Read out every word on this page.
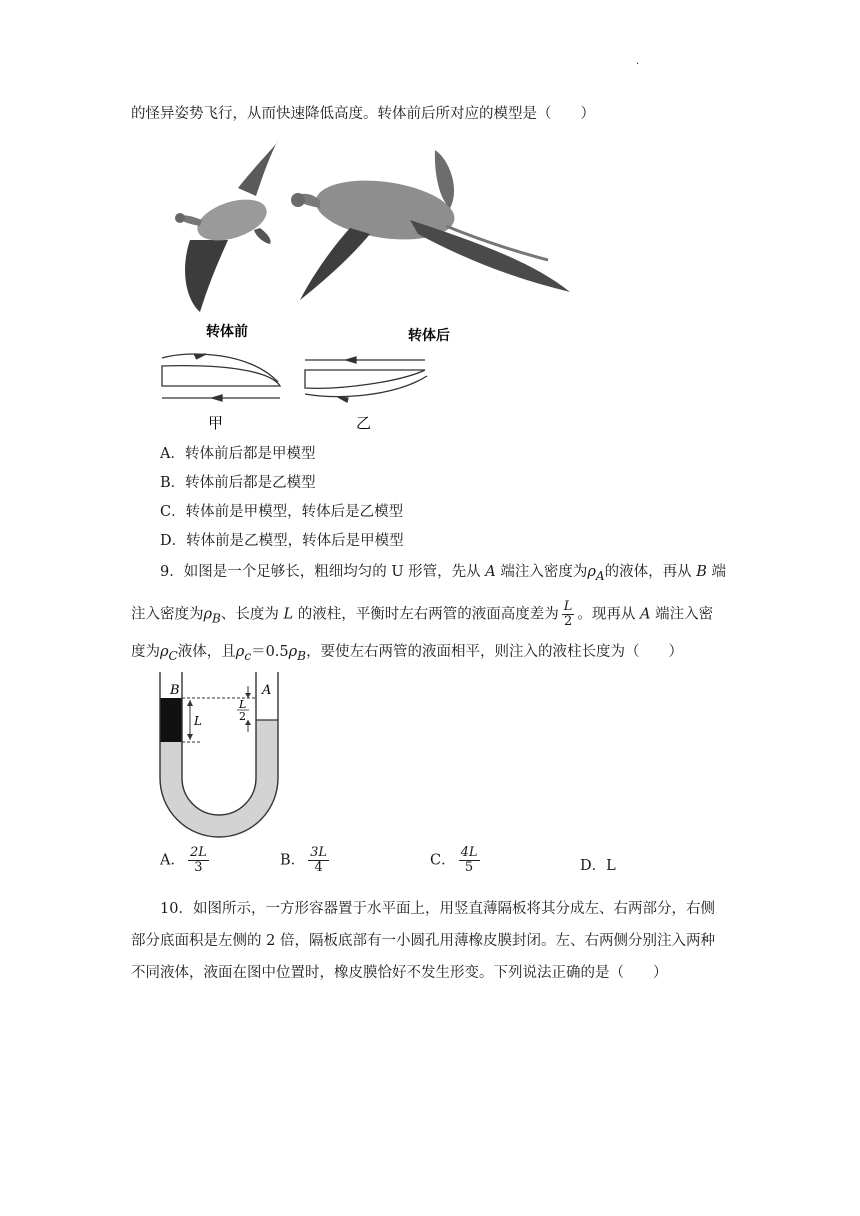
.
的怪异姿势飞行，从而快速降低高度。转体前后所对应的模型是（　　）
转体前	转体后
甲	乙
A．转体前后都是甲模型
B．转体前后都是乙模型
C．转体前是甲模型，转体后是乙模型
D．转体前是乙模型，转体后是甲模型
9．如图是一个足够长，粗细均匀的 U 形管，先从 A 端注入密度为$\rho_A$的液体，再从 B 端
注入密度为$\rho_B$、长度为 L 的液柱，平衡时左右两管的液面高度差为 $\frac{L}{2}$ 。现再从 A 端注入密
度为$\rho_C$液体，且$\rho_c=0.5\rho_B$，要使左右两管的液面相平，则注入的液柱长度为（　　）
B	A
L
L
2
A． $\frac{2L}{3}$	B． $\frac{3L}{4}$	C． $\frac{4L}{5}$	D．L
10．如图所示，一方形容器置于水平面上，用竖直薄隔板将其分成左、右两部分，右侧
部分底面积是左侧的 2 倍，隔板底部有一小圆孔用薄橡皮膜封闭。左、右两侧分别注入两种
不同液体，液面在图中位置时，橡皮膜恰好不发生形变。下列说法正确的是（　　）
